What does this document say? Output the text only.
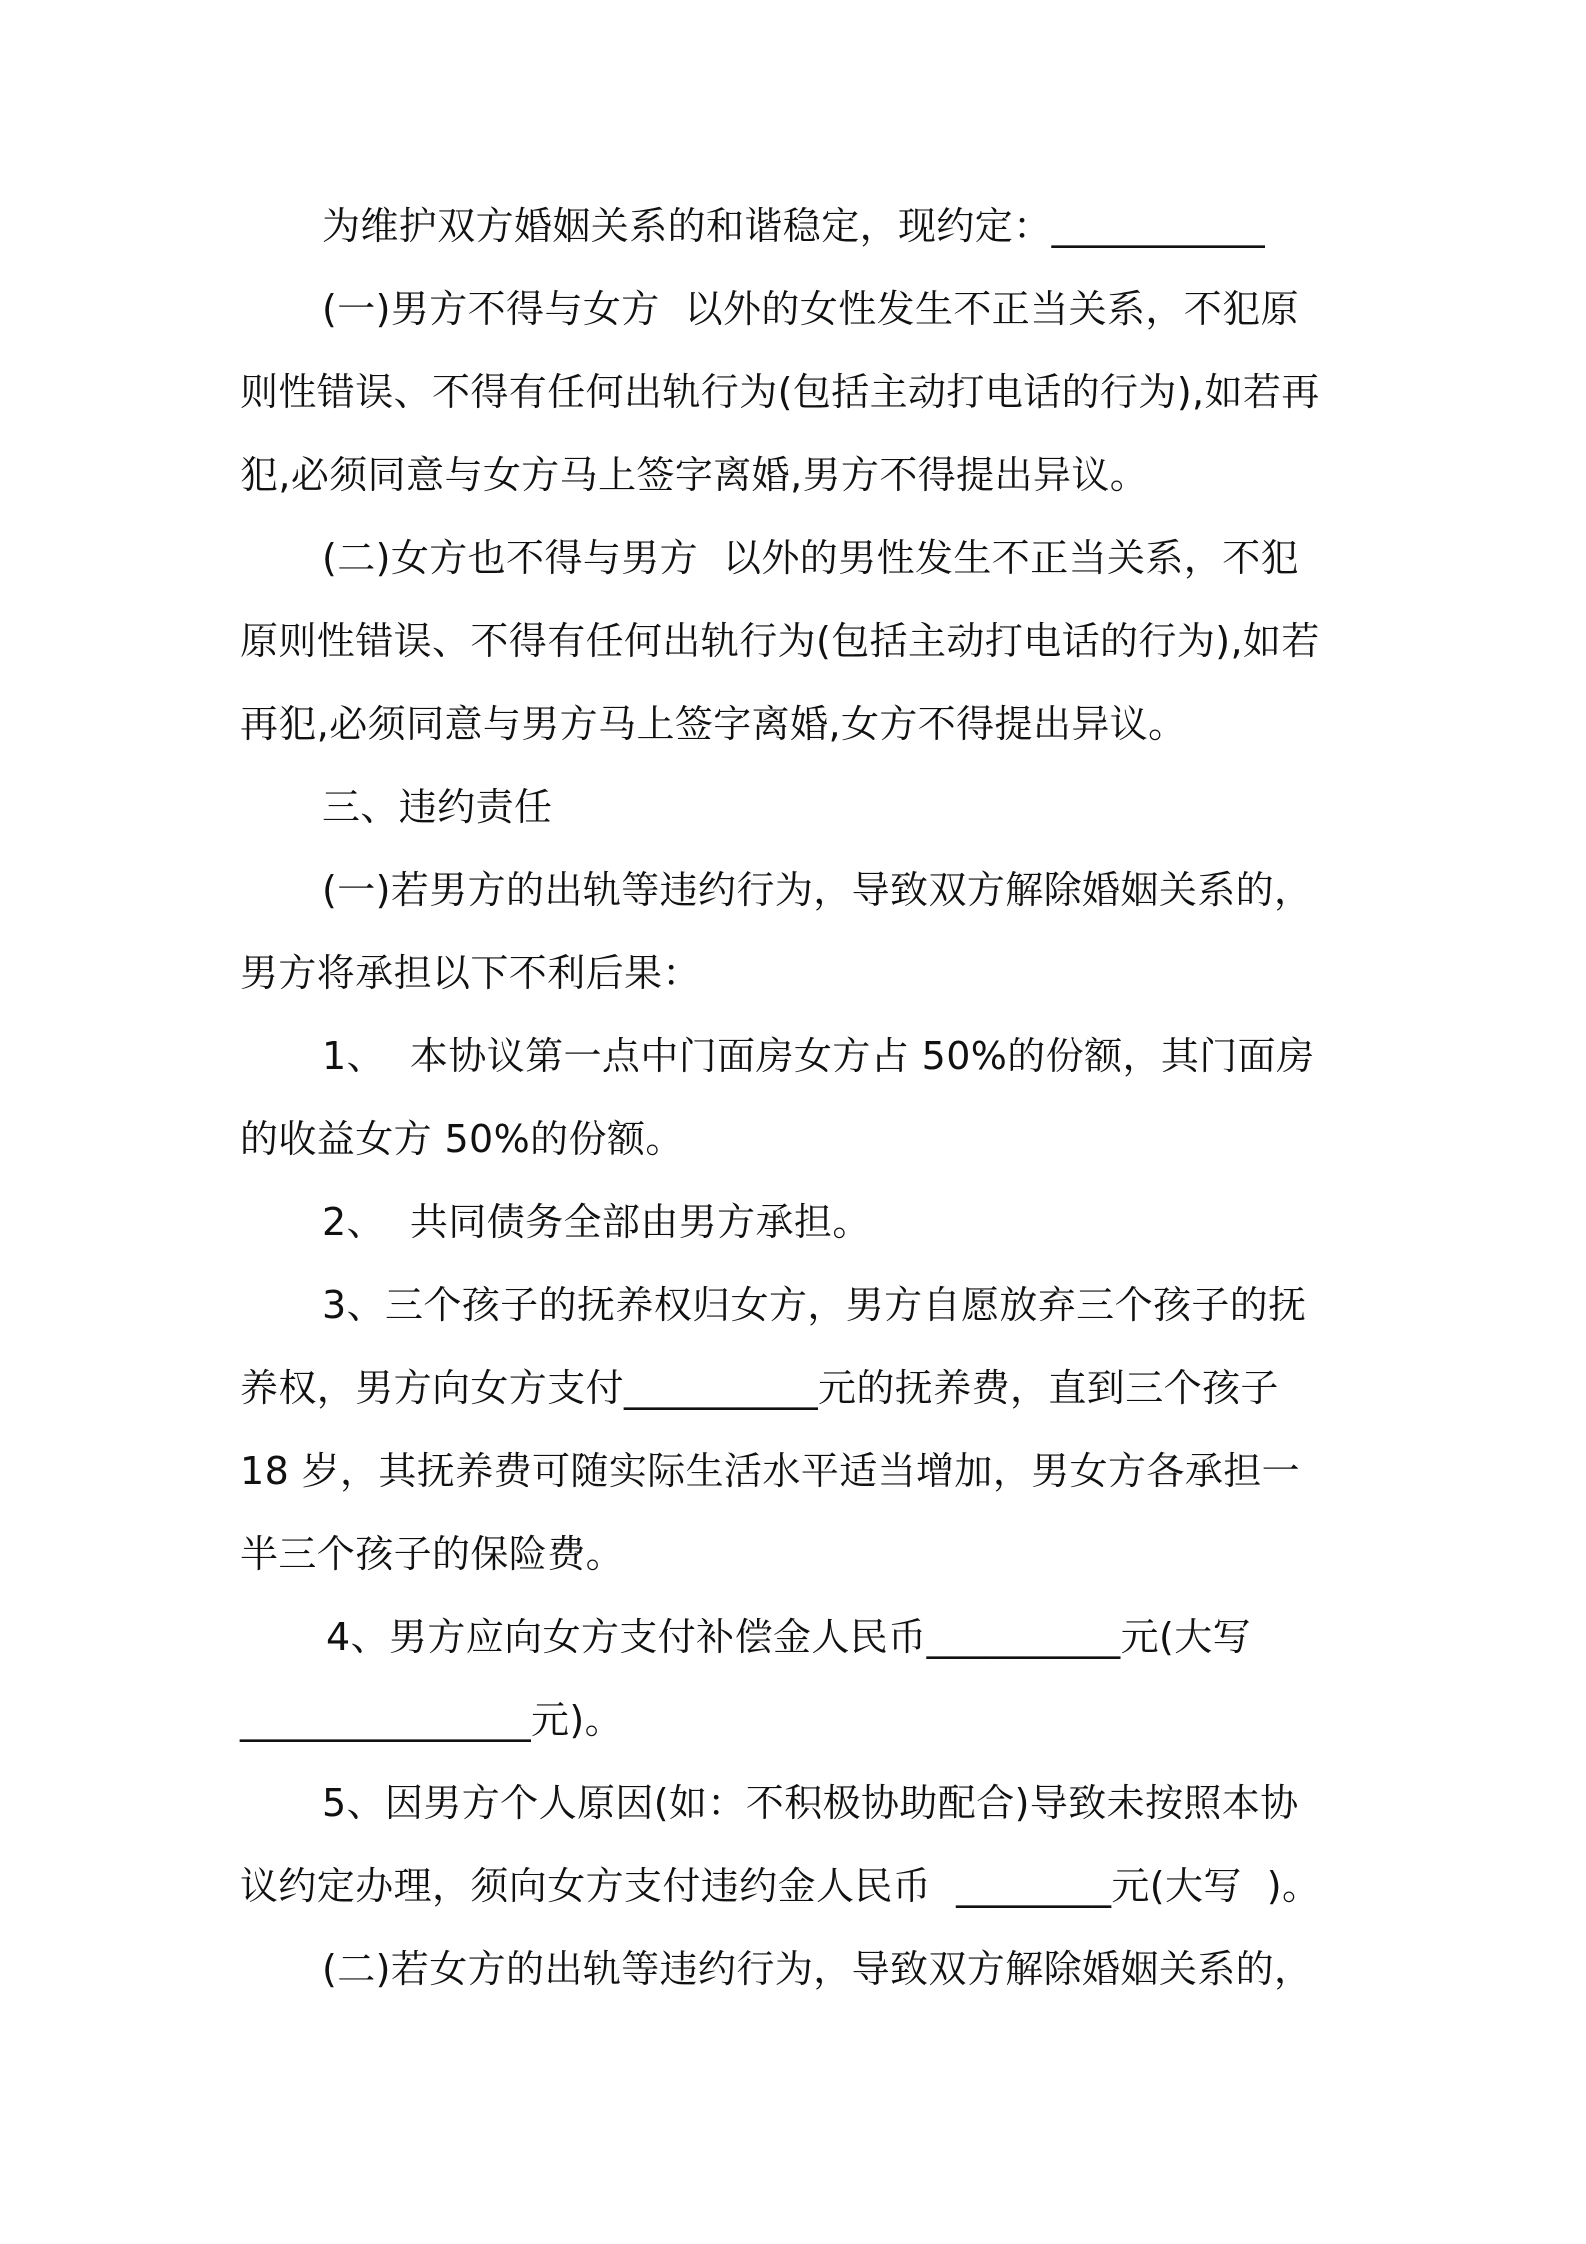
为维护双方婚姻关系的和谐稳定，现约定：___________
(一)男方不得与女方  以外的女性发生不正当关系，不犯原
则性错误、不得有任何出轨行为(包括主动打电话的行为),如若再
犯,必须同意与女方马上签字离婚,男方不得提出异议。
(二)女方也不得与男方  以外的男性发生不正当关系，不犯
原则性错误、不得有任何出轨行为(包括主动打电话的行为),如若
再犯,必须同意与男方马上签字离婚,女方不得提出异议。
三、违约责任
(一)若男方的出轨等违约行为，导致双方解除婚姻关系的，
男方将承担以下不利后果：
1、  本协议第一点中门面房女方占 50%的份额，其门面房
的收益女方 50%的份额。
2、  共同债务全部由男方承担。
3、三个孩子的抚养权归女方，男方自愿放弃三个孩子的抚
养权，男方向女方支付__________元的抚养费，直到三个孩子
18 岁，其抚养费可随实际生活水平适当增加，男女方各承担一
半三个孩子的保险费。
4、男方应向女方支付补偿金人民币__________元(大写
_______________元)。
5、因男方个人原因(如：不积极协助配合)导致未按照本协
议约定办理，须向女方支付违约金人民币  ________元(大写  )。
(二)若女方的出轨等违约行为，导致双方解除婚姻关系的，
